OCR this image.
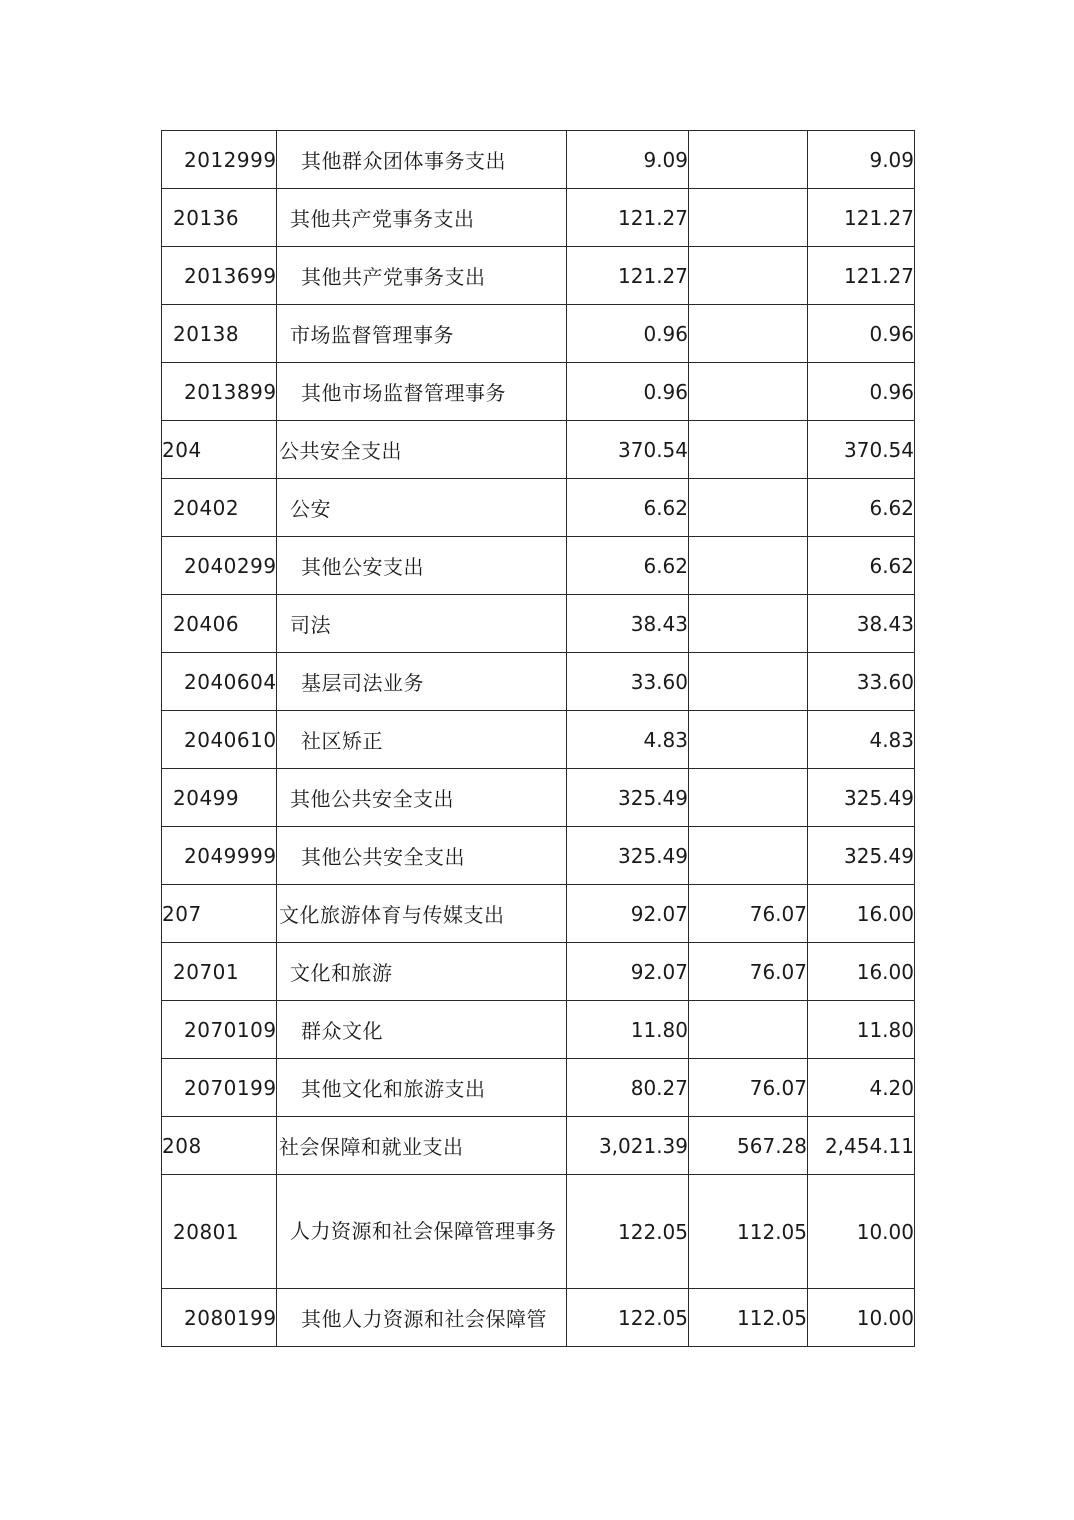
2012999	其他群众团体事务支出	9.09		9.09
20136	其他共产党事务支出	121.27		121.27
2013699	其他共产党事务支出	121.27		121.27
20138	市场监督管理事务	0.96		0.96
2013899	其他市场监督管理事务	0.96		0.96
204	公共安全支出	370.54		370.54
20402	公安	6.62		6.62
2040299	其他公安支出	6.62		6.62
20406	司法	38.43		38.43
2040604	基层司法业务	33.60		33.60
2040610	社区矫正	4.83		4.83
20499	其他公共安全支出	325.49		325.49
2049999	其他公共安全支出	325.49		325.49
207	文化旅游体育与传媒支出	92.07	76.07	16.00
20701	文化和旅游	92.07	76.07	16.00
2070109	群众文化	11.80		11.80
2070199	其他文化和旅游支出	80.27	76.07	4.20
208	社会保障和就业支出	3,021.39	567.28	2,454.11
20801	人力资源和社会保障管理事务	122.05	112.05	10.00
2080199	其他人力资源和社会保障管	122.05	112.05	10.00
